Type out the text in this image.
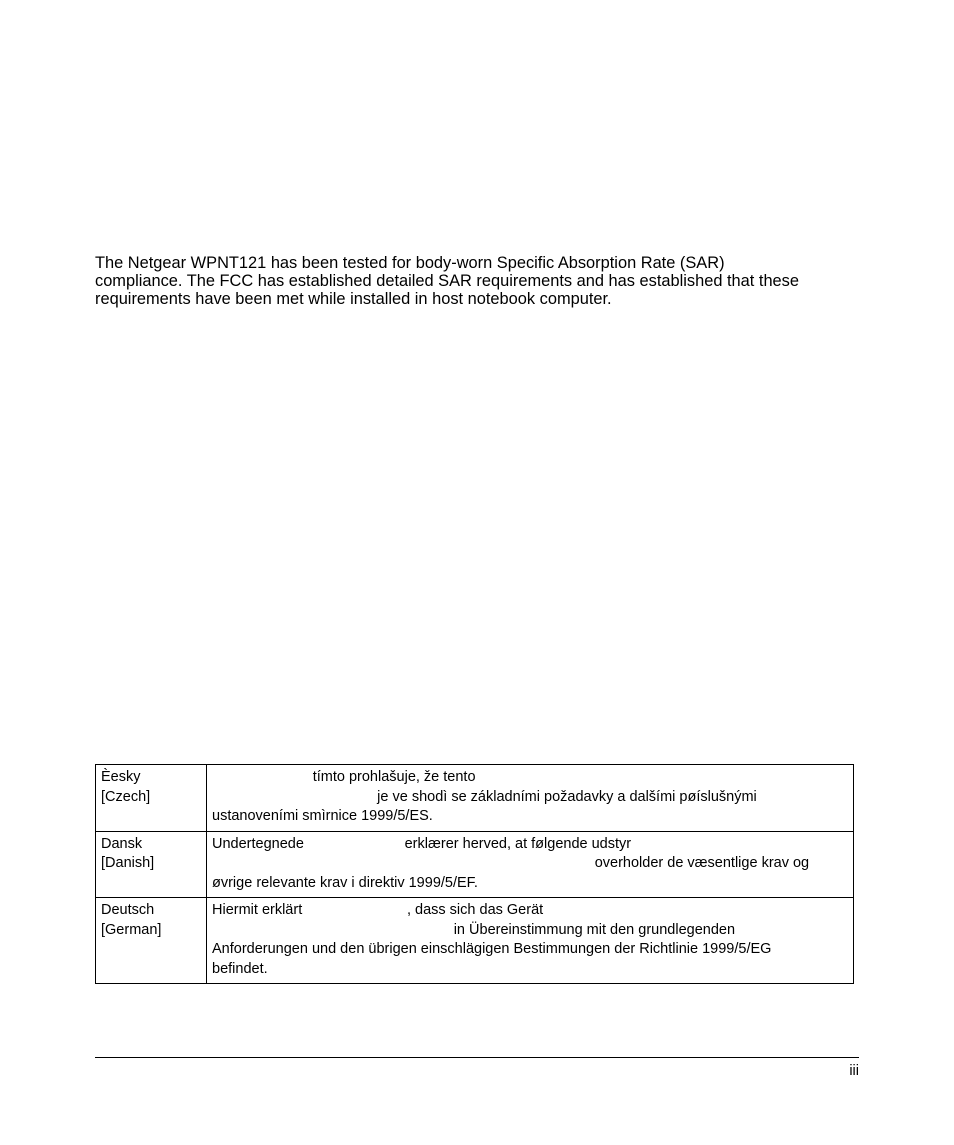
The Netgear WPNT121 has been tested for body-worn Specific Absorption Rate (SAR)
compliance. The FCC has established detailed SAR requirements and has established that these
requirements have been met while installed in host notebook computer.
Èesky
[Czech]	tímto prohlašuje, že tento
je ve shodì se základními požadavky a dalšími pøíslušnými
ustanoveními smìrnice 1999/5/ES.

Dansk
[Danish]	Undertegnede                         erklærer herved, at følgende udstyr
overholder de væsentlige krav og
øvrige relevante krav i direktiv 1999/5/EF.

Deutsch
[German]	Hiermit erklärt                          , dass sich das Gerät
in Übereinstimmung mit den grundlegenden
Anforderungen und den übrigen einschlägigen Bestimmungen der Richtlinie 1999/5/EG
befindet.
iii
